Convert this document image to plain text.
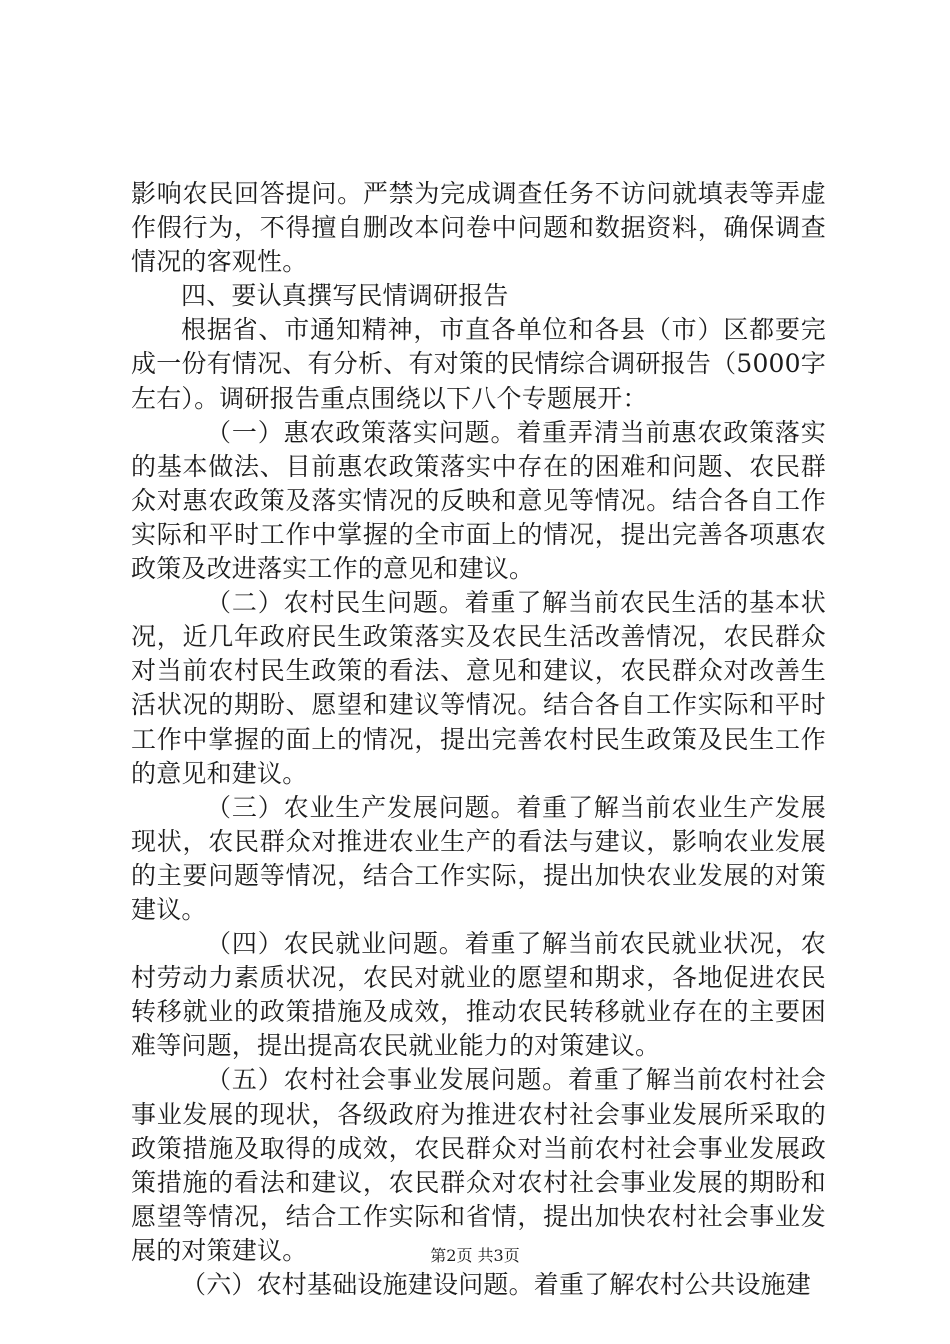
影响农民回答提问。严禁为完成调查任务不访问就填表等弄虚作假行为，不得擅自删改本问卷中问题和数据资料，确保调查情况的客观性。

四、要认真撰写民情调研报告

根据省、市通知精神，市直各单位和各县（市）区都要完成一份有情况、有分析、有对策的民情综合调研报告（5000字左右）。调研报告重点围绕以下八个专题展开：

（一）惠农政策落实问题。着重弄清当前惠农政策落实的基本做法、目前惠农政策落实中存在的困难和问题、农民群众对惠农政策及落实情况的反映和意见等情况。结合各自工作实际和平时工作中掌握的全市面上的情况，提出完善各项惠农政策及改进落实工作的意见和建议。

（二）农村民生问题。着重了解当前农民生活的基本状况，近几年政府民生政策落实及农民生活改善情况，农民群众对当前农村民生政策的看法、意见和建议，农民群众对改善生活状况的期盼、愿望和建议等情况。结合各自工作实际和平时工作中掌握的面上的情况，提出完善农村民生政策及民生工作的意见和建议。

（三）农业生产发展问题。着重了解当前农业生产发展现状，农民群众对推进农业生产的看法与建议，影响农业发展的主要问题等情况，结合工作实际，提出加快农业发展的对策建议。

（四）农民就业问题。着重了解当前农民就业状况，农村劳动力素质状况，农民对就业的愿望和期求，各地促进农民转移就业的政策措施及成效，推动农民转移就业存在的主要困难等问题，提出提高农民就业能力的对策建议。

（五）农村社会事业发展问题。着重了解当前农村社会事业发展的现状，各级政府为推进农村社会事业发展所采取的政策措施及取得的成效，农民群众对当前农村社会事业发展政策措施的看法和建议，农民群众对农村社会事业发展的期盼和愿望等情况，结合工作实际和省情，提出加快农村社会事业发展的对策建议。

（六）农村基础设施建设问题。着重了解农村公共设施建

第2页 共3页
